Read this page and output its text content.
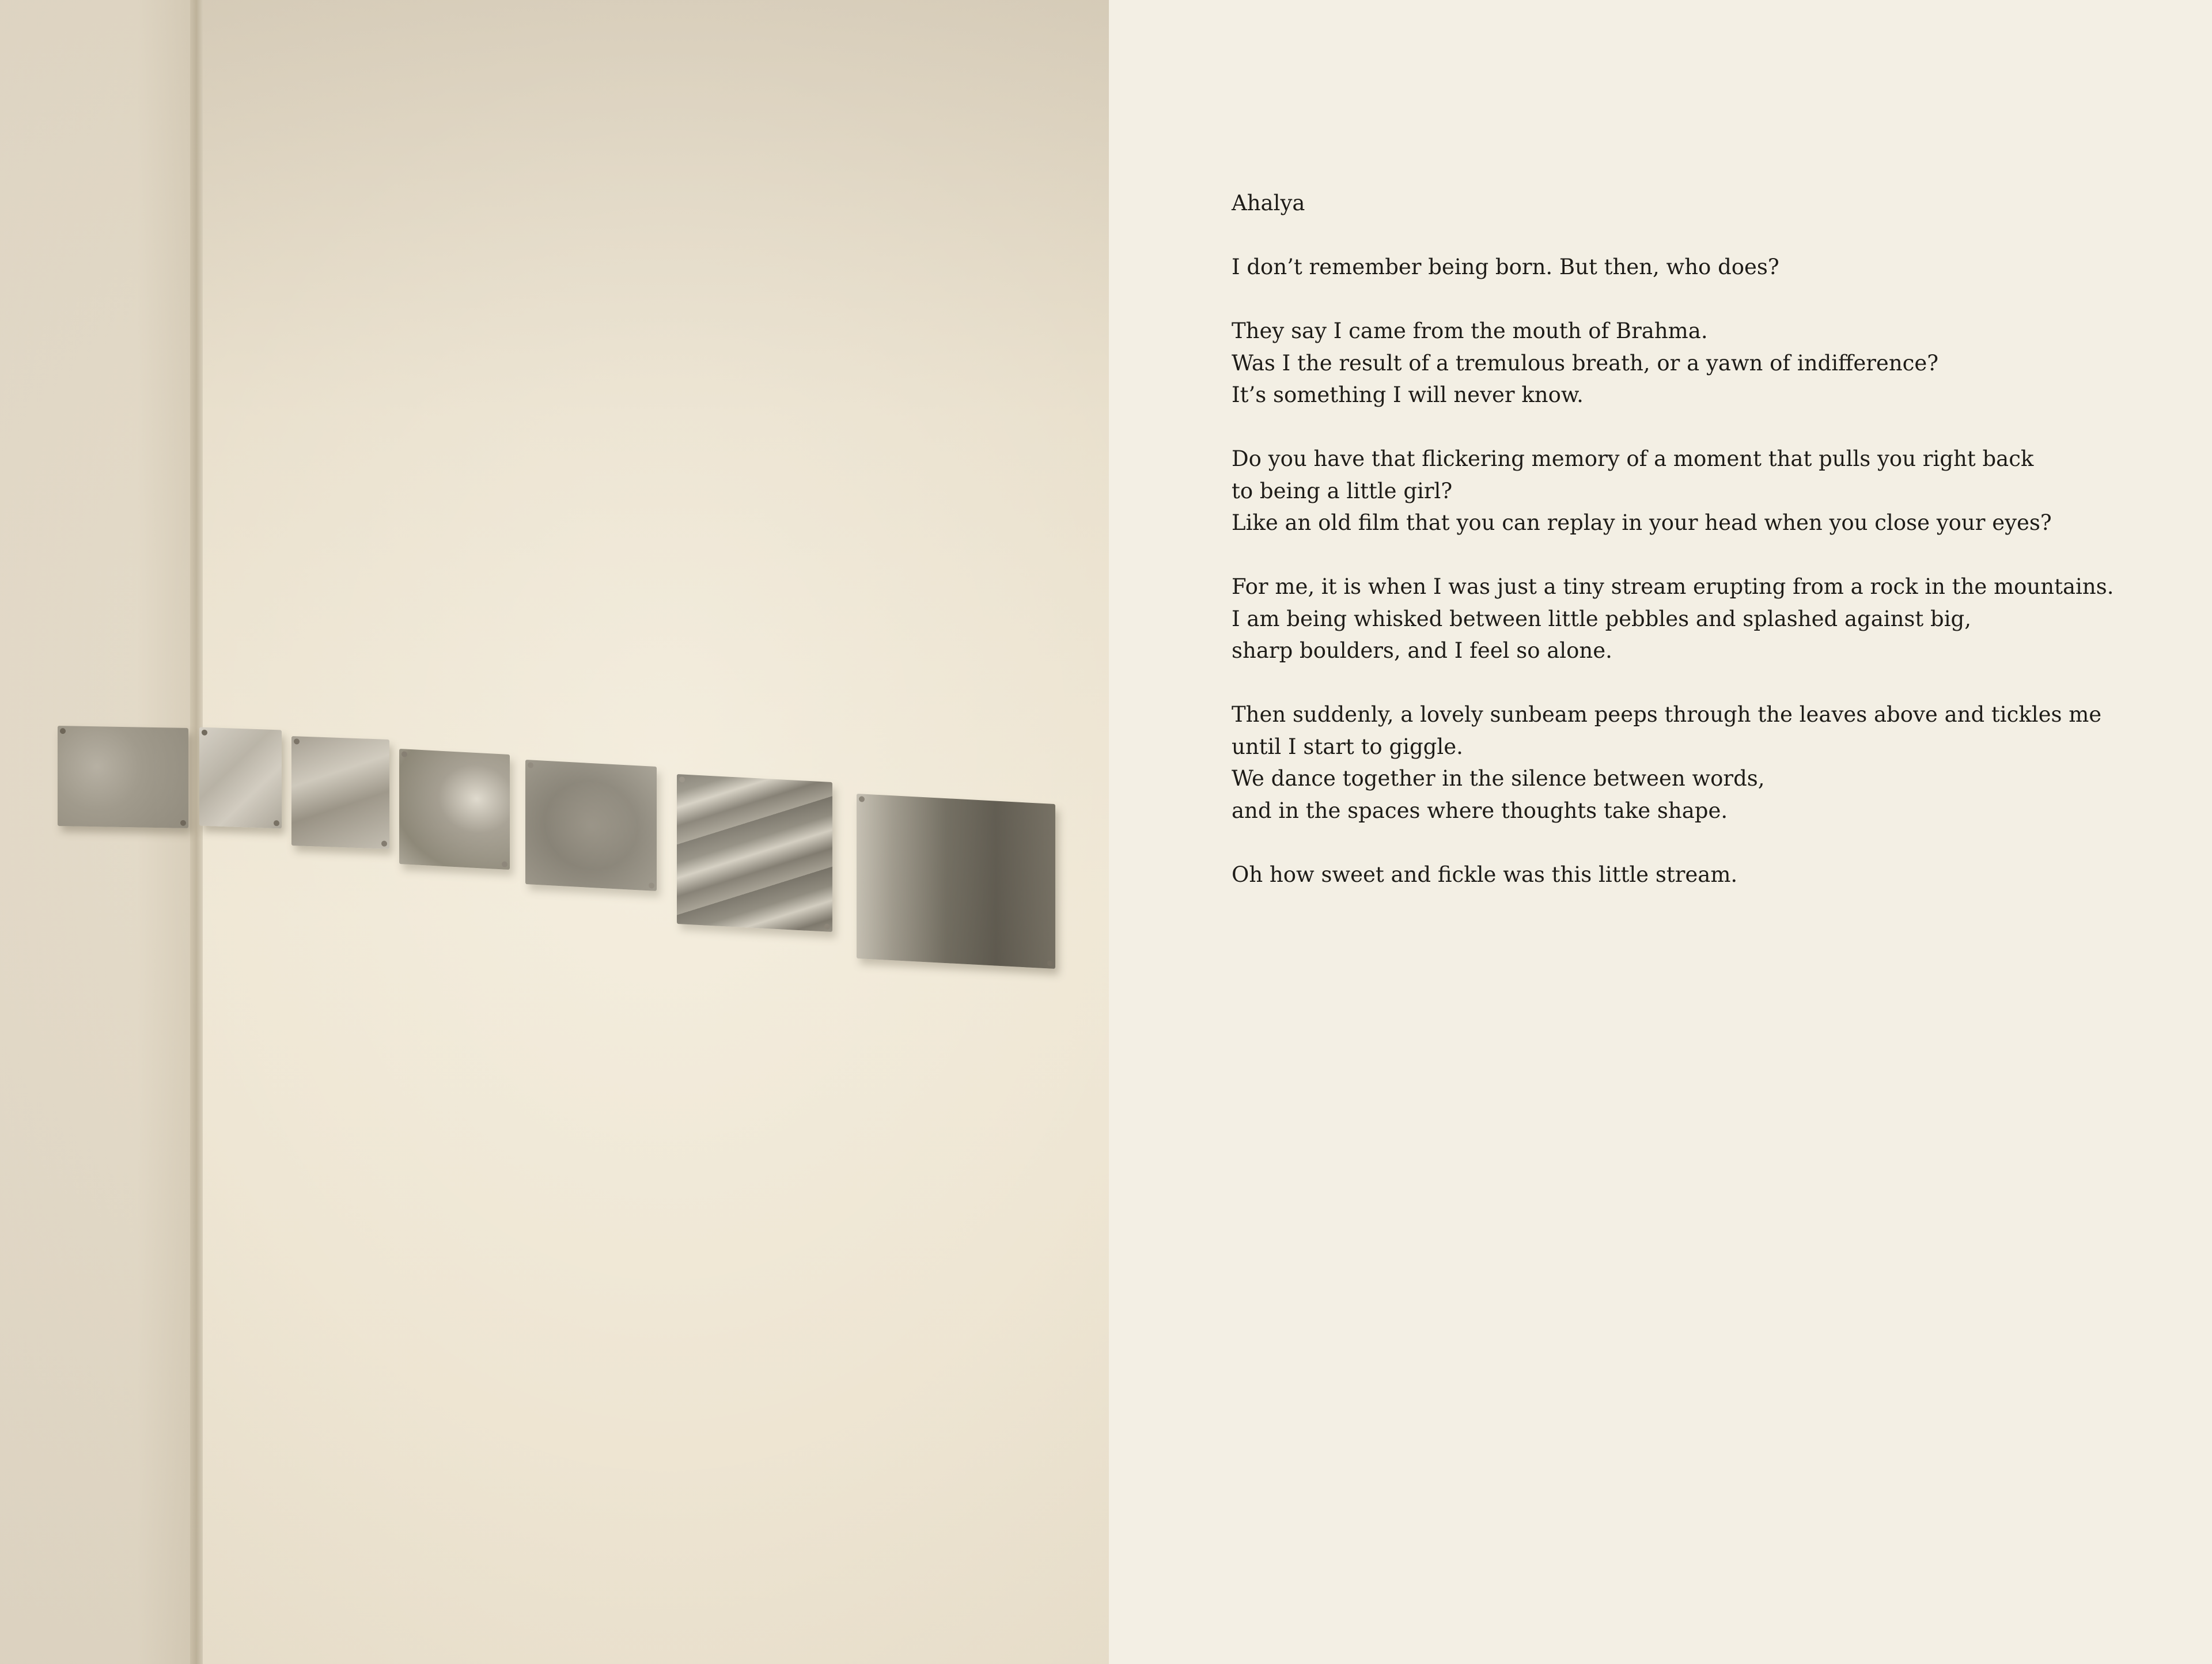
Ahalya
I don’t remember being born. But then, who does?
They say I came from the mouth of Brahma.
Was I the result of a tremulous breath, or a yawn of indifference?
It’s something I will never know.
Do you have that flickering memory of a moment that pulls you right back
to being a little girl?
Like an old film that you can replay in your head when you close your eyes?
For me, it is when I was just a tiny stream erupting from a rock in the mountains.
I am being whisked between little pebbles and splashed against big,
sharp boulders, and I feel so alone.
Then suddenly, a lovely sunbeam peeps through the leaves above and tickles me
until I start to giggle.
We dance together in the silence between words,
and in the spaces where thoughts take shape.
Oh how sweet and fickle was this little stream.
